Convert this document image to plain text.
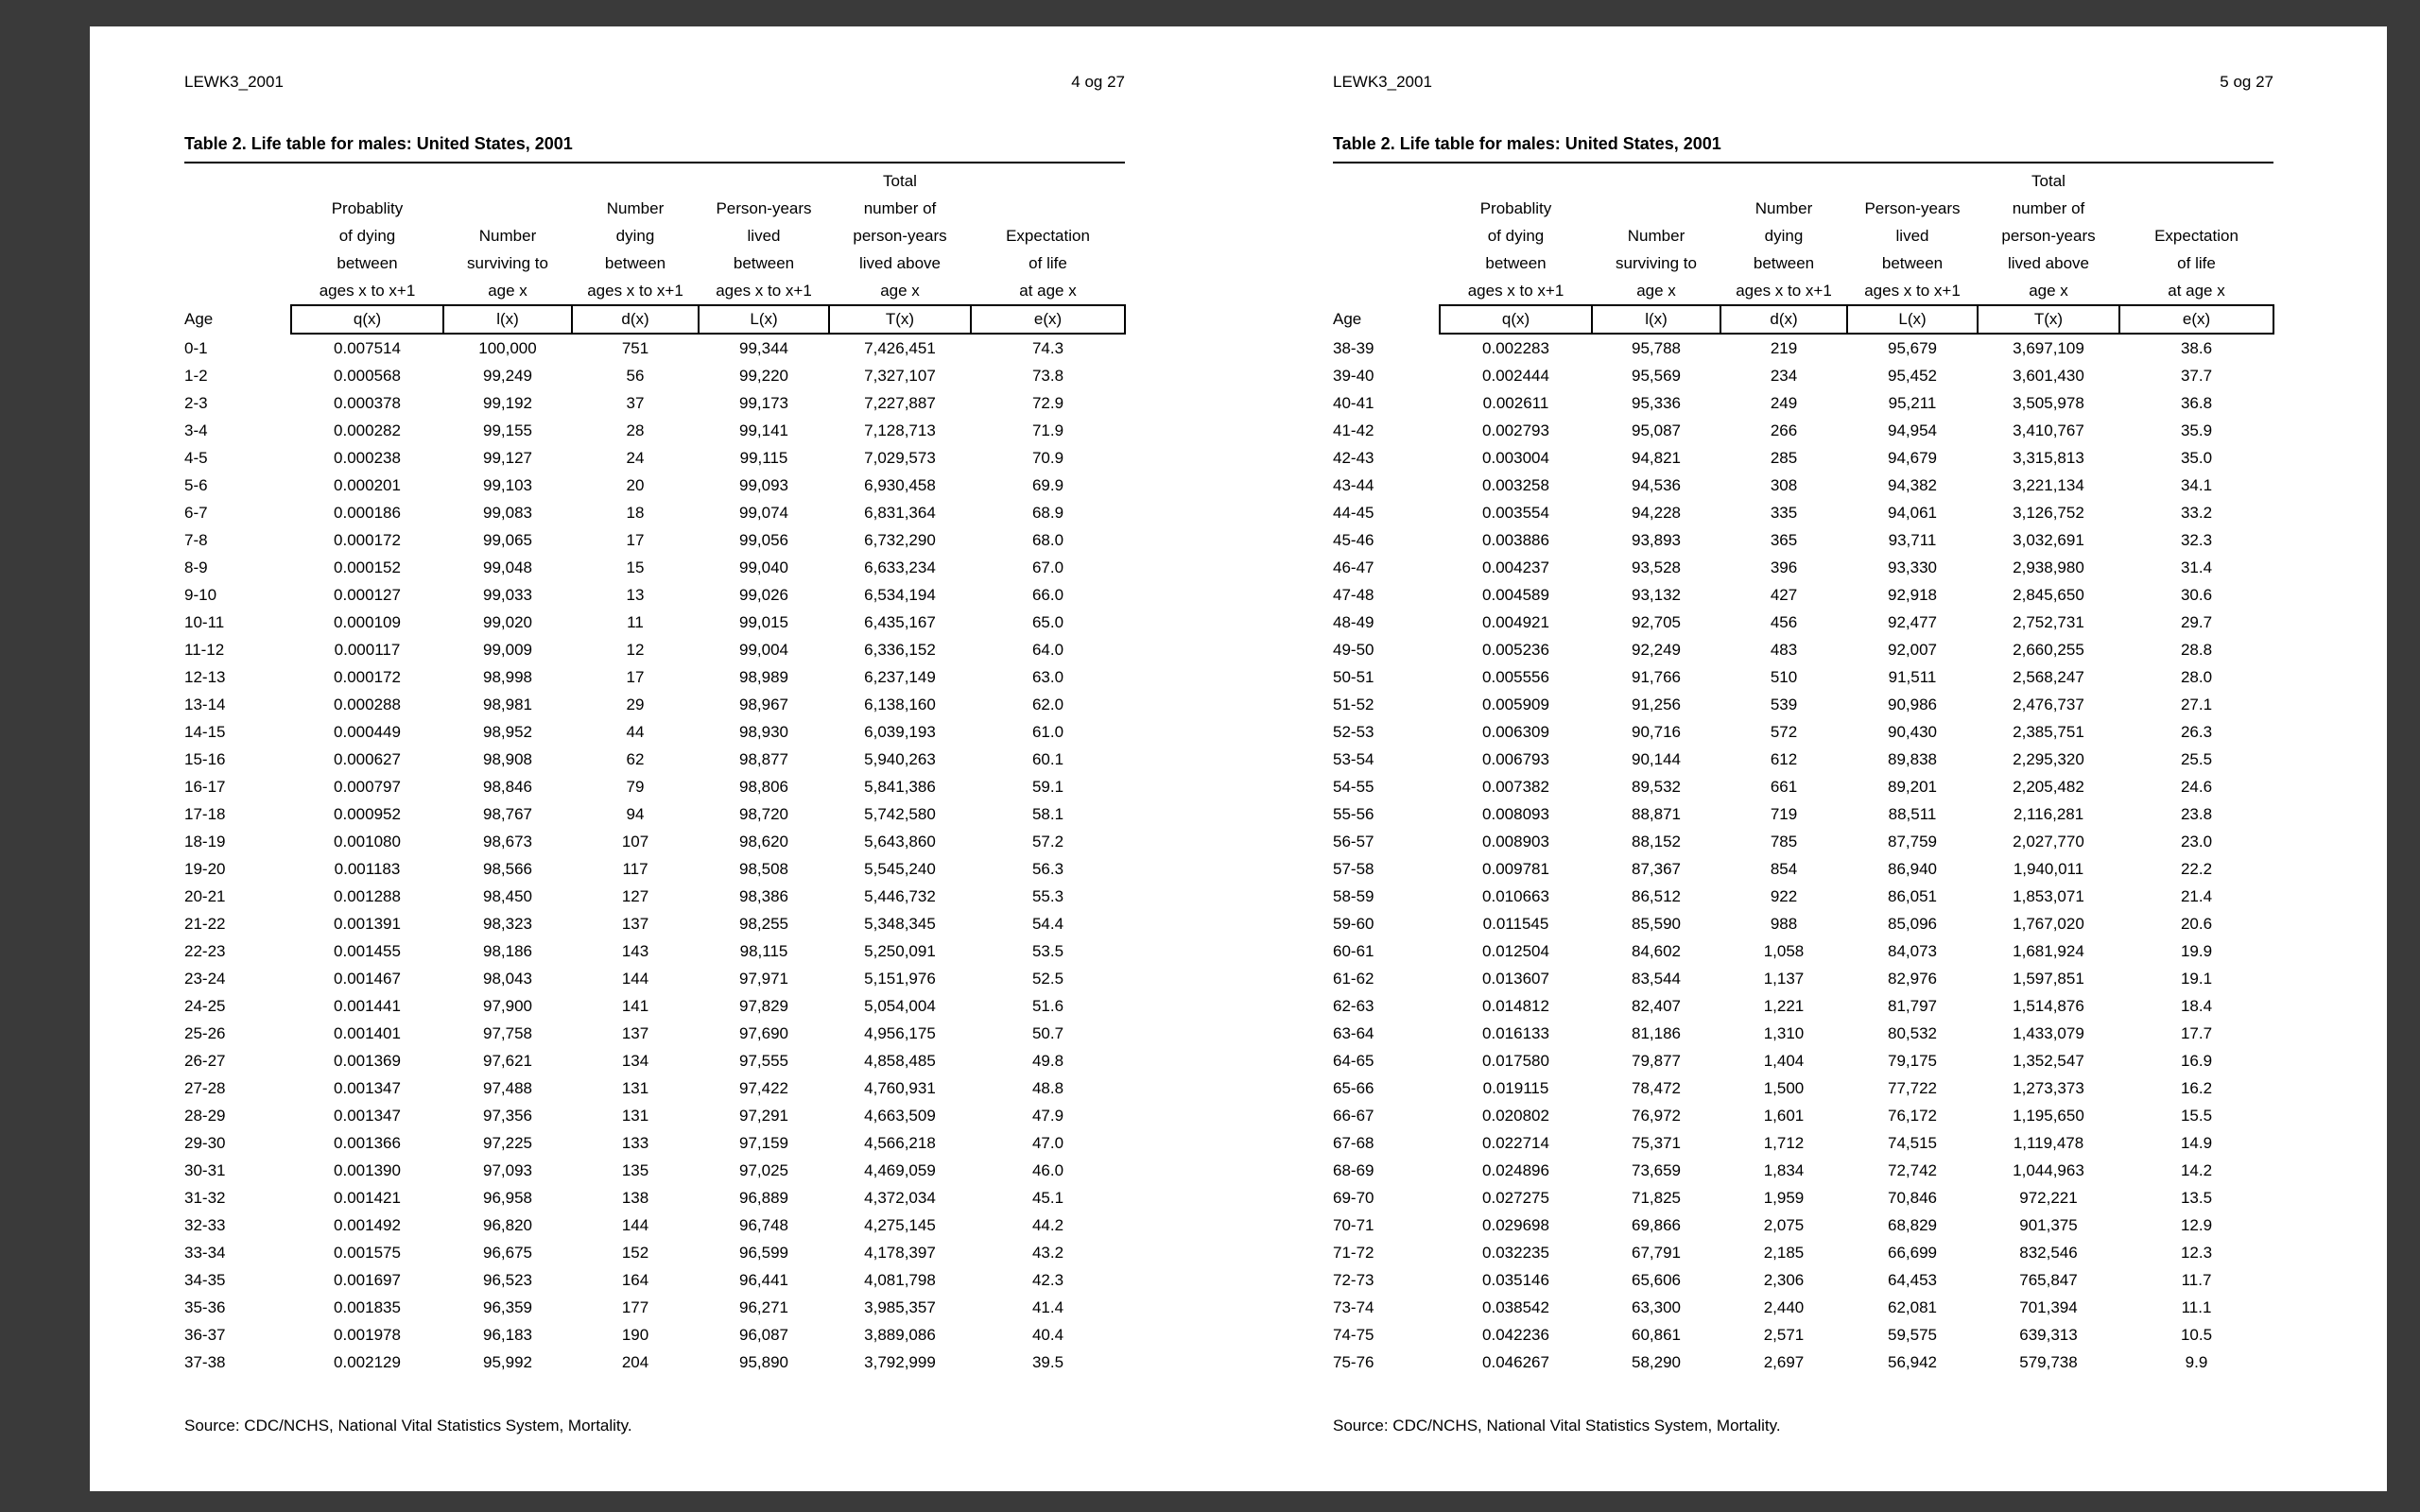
LEWK3_2001	4 og 27
Table 2. Life table for males: United States, 2001

Probablity
of dying
between
ages x to x+1

Number
surviving to
age x

Number
dying
between
ages x to x+1

Person-years
lived
between
ages x to x+1

Total
number of
person-years
lived above
age x

Expectation
of life
at age x

Age	q(x)	l(x)	d(x)	L(x)	T(x)	e(x)
0-1	0.007514	100,000	751	99,344	7,426,451	74.3
1-2	0.000568	99,249	56	99,220	7,327,107	73.8
2-3	0.000378	99,192	37	99,173	7,227,887	72.9
3-4	0.000282	99,155	28	99,141	7,128,713	71.9
4-5	0.000238	99,127	24	99,115	7,029,573	70.9
5-6	0.000201	99,103	20	99,093	6,930,458	69.9
6-7	0.000186	99,083	18	99,074	6,831,364	68.9
7-8	0.000172	99,065	17	99,056	6,732,290	68.0
8-9	0.000152	99,048	15	99,040	6,633,234	67.0
9-10	0.000127	99,033	13	99,026	6,534,194	66.0
10-11	0.000109	99,020	11	99,015	6,435,167	65.0
11-12	0.000117	99,009	12	99,004	6,336,152	64.0
12-13	0.000172	98,998	17	98,989	6,237,149	63.0
13-14	0.000288	98,981	29	98,967	6,138,160	62.0
14-15	0.000449	98,952	44	98,930	6,039,193	61.0
15-16	0.000627	98,908	62	98,877	5,940,263	60.1
16-17	0.000797	98,846	79	98,806	5,841,386	59.1
17-18	0.000952	98,767	94	98,720	5,742,580	58.1
18-19	0.001080	98,673	107	98,620	5,643,860	57.2
19-20	0.001183	98,566	117	98,508	5,545,240	56.3
20-21	0.001288	98,450	127	98,386	5,446,732	55.3
21-22	0.001391	98,323	137	98,255	5,348,345	54.4
22-23	0.001455	98,186	143	98,115	5,250,091	53.5
23-24	0.001467	98,043	144	97,971	5,151,976	52.5
24-25	0.001441	97,900	141	97,829	5,054,004	51.6
25-26	0.001401	97,758	137	97,690	4,956,175	50.7
26-27	0.001369	97,621	134	97,555	4,858,485	49.8
27-28	0.001347	97,488	131	97,422	4,760,931	48.8
28-29	0.001347	97,356	131	97,291	4,663,509	47.9
29-30	0.001366	97,225	133	97,159	4,566,218	47.0
30-31	0.001390	97,093	135	97,025	4,469,059	46.0
31-32	0.001421	96,958	138	96,889	4,372,034	45.1
32-33	0.001492	96,820	144	96,748	4,275,145	44.2
33-34	0.001575	96,675	152	96,599	4,178,397	43.2
34-35	0.001697	96,523	164	96,441	4,081,798	42.3
35-36	0.001835	96,359	177	96,271	3,985,357	41.4
36-37	0.001978	96,183	190	96,087	3,889,086	40.4
37-38	0.002129	95,992	204	95,890	3,792,999	39.5

Source: CDC/NCHS, National Vital Statistics System, Mortality.

LEWK3_2001	5 og 27
Table 2. Life table for males: United States, 2001

Probablity
of dying
between
ages x to x+1

Number
surviving to
age x

Number
dying
between
ages x to x+1

Person-years
lived
between
ages x to x+1

Total
number of
person-years
lived above
age x

Expectation
of life
at age x

Age	q(x)	l(x)	d(x)	L(x)	T(x)	e(x)
38-39	0.002283	95,788	219	95,679	3,697,109	38.6
39-40	0.002444	95,569	234	95,452	3,601,430	37.7
40-41	0.002611	95,336	249	95,211	3,505,978	36.8
41-42	0.002793	95,087	266	94,954	3,410,767	35.9
42-43	0.003004	94,821	285	94,679	3,315,813	35.0
43-44	0.003258	94,536	308	94,382	3,221,134	34.1
44-45	0.003554	94,228	335	94,061	3,126,752	33.2
45-46	0.003886	93,893	365	93,711	3,032,691	32.3
46-47	0.004237	93,528	396	93,330	2,938,980	31.4
47-48	0.004589	93,132	427	92,918	2,845,650	30.6
48-49	0.004921	92,705	456	92,477	2,752,731	29.7
49-50	0.005236	92,249	483	92,007	2,660,255	28.8
50-51	0.005556	91,766	510	91,511	2,568,247	28.0
51-52	0.005909	91,256	539	90,986	2,476,737	27.1
52-53	0.006309	90,716	572	90,430	2,385,751	26.3
53-54	0.006793	90,144	612	89,838	2,295,320	25.5
54-55	0.007382	89,532	661	89,201	2,205,482	24.6
55-56	0.008093	88,871	719	88,511	2,116,281	23.8
56-57	0.008903	88,152	785	87,759	2,027,770	23.0
57-58	0.009781	87,367	854	86,940	1,940,011	22.2
58-59	0.010663	86,512	922	86,051	1,853,071	21.4
59-60	0.011545	85,590	988	85,096	1,767,020	20.6
60-61	0.012504	84,602	1,058	84,073	1,681,924	19.9
61-62	0.013607	83,544	1,137	82,976	1,597,851	19.1
62-63	0.014812	82,407	1,221	81,797	1,514,876	18.4
63-64	0.016133	81,186	1,310	80,532	1,433,079	17.7
64-65	0.017580	79,877	1,404	79,175	1,352,547	16.9
65-66	0.019115	78,472	1,500	77,722	1,273,373	16.2
66-67	0.020802	76,972	1,601	76,172	1,195,650	15.5
67-68	0.022714	75,371	1,712	74,515	1,119,478	14.9
68-69	0.024896	73,659	1,834	72,742	1,044,963	14.2
69-70	0.027275	71,825	1,959	70,846	972,221	13.5
70-71	0.029698	69,866	2,075	68,829	901,375	12.9
71-72	0.032235	67,791	2,185	66,699	832,546	12.3
72-73	0.035146	65,606	2,306	64,453	765,847	11.7
73-74	0.038542	63,300	2,440	62,081	701,394	11.1
74-75	0.042236	60,861	2,571	59,575	639,313	10.5
75-76	0.046267	58,290	2,697	56,942	579,738	9.9

Source: CDC/NCHS, National Vital Statistics System, Mortality.
